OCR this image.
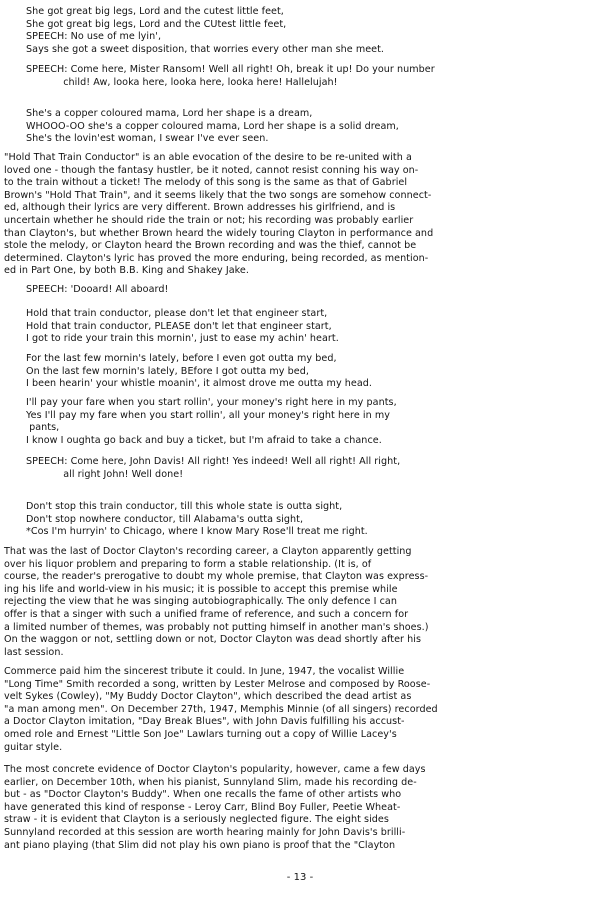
She got great big legs, Lord and the cutest little feet,
She got great big legs, Lord and the CUtest little feet,
SPEECH: No use of me lyin',
Says she got a sweet disposition, that worries every other man she meet.
SPEECH: Come here, Mister Ransom! Well all right! Oh, break it up! Do your number
child! Aw, looka here, looka here, looka here! Hallelujah!
She's a copper coloured mama, Lord her shape is a dream,
WHOOO-OO she's a copper coloured mama, Lord her shape is a solid dream,
She's the lovin'est woman, I swear I've ever seen.
"Hold That Train Conductor" is an able evocation of the desire to be re-united with a
loved one - though the fantasy hustler, be it noted, cannot resist conning his way on-
to the train without a ticket! The melody of this song is the same as that of Gabriel
Brown's "Hold That Train", and it seems likely that the two songs are somehow connect-
ed, although their lyrics are very different. Brown addresses his girlfriend, and is
uncertain whether he should ride the train or not; his recording was probably earlier
than Clayton's, but whether Brown heard the widely touring Clayton in performance and
stole the melody, or Clayton heard the Brown recording and was the thief, cannot be
determined. Clayton's lyric has proved the more enduring, being recorded, as mention-
ed in Part One, by both B.B. King and Shakey Jake.
SPEECH: 'Dooard! All aboard!
Hold that train conductor, please don't let that engineer start,
Hold that train conductor, PLEASE don't let that engineer start,
I got to ride your train this mornin', just to ease my achin' heart.
For the last few mornin's lately, before I even got outta my bed,
On the last few mornin's lately, BEfore I got outta my bed,
I been hearin' your whistle moanin', it almost drove me outta my head.
I'll pay your fare when you start rollin', your money's right here in my pants,
Yes I'll pay my fare when you start rollin', all your money's right here in my
pants,
I know I oughta go back and buy a ticket, but I'm afraid to take a chance.
SPEECH: Come here, John Davis! All right! Yes indeed! Well all right! All right,
all right John! Well done!
Don't stop this train conductor, till this whole state is outta sight,
Don't stop nowhere conductor, till Alabama's outta sight,
*Cos I'm hurryin' to Chicago, where I know Mary Rose'll treat me right.
That was the last of Doctor Clayton's recording career, a Clayton apparently getting
over his liquor problem and preparing to form a stable relationship. (It is, of
course, the reader's prerogative to doubt my whole premise, that Clayton was express-
ing his life and world-view in his music; it is possible to accept this premise while
rejecting the view that he was singing autobiographically. The only defence I can
offer is that a singer with such a unified frame of reference, and such a concern for
a limited number of themes, was probably not putting himself in another man's shoes.)
On the waggon or not, settling down or not, Doctor Clayton was dead shortly after his
last session.
Commerce paid him the sincerest tribute it could. In June, 1947, the vocalist Willie
"Long Time" Smith recorded a song, written by Lester Melrose and composed by Roose-
velt Sykes (Cowley), "My Buddy Doctor Clayton", which described the dead artist as
"a man among men". On December 27th, 1947, Memphis Minnie (of all singers) recorded
a Doctor Clayton imitation, "Day Break Blues", with John Davis fulfilling his accust-
omed role and Ernest "Little Son Joe" Lawlars turning out a copy of Willie Lacey's
guitar style.
The most concrete evidence of Doctor Clayton's popularity, however, came a few days
earlier, on December 10th, when his pianist, Sunnyland Slim, made his recording de-
but - as "Doctor Clayton's Buddy". When one recalls the fame of other artists who
have generated this kind of response - Leroy Carr, Blind Boy Fuller, Peetie Wheat-
straw - it is evident that Clayton is a seriously neglected figure. The eight sides
Sunnyland recorded at this session are worth hearing mainly for John Davis's brilli-
ant piano playing (that Slim did not play his own piano is proof that the "Clayton
- 13 -
